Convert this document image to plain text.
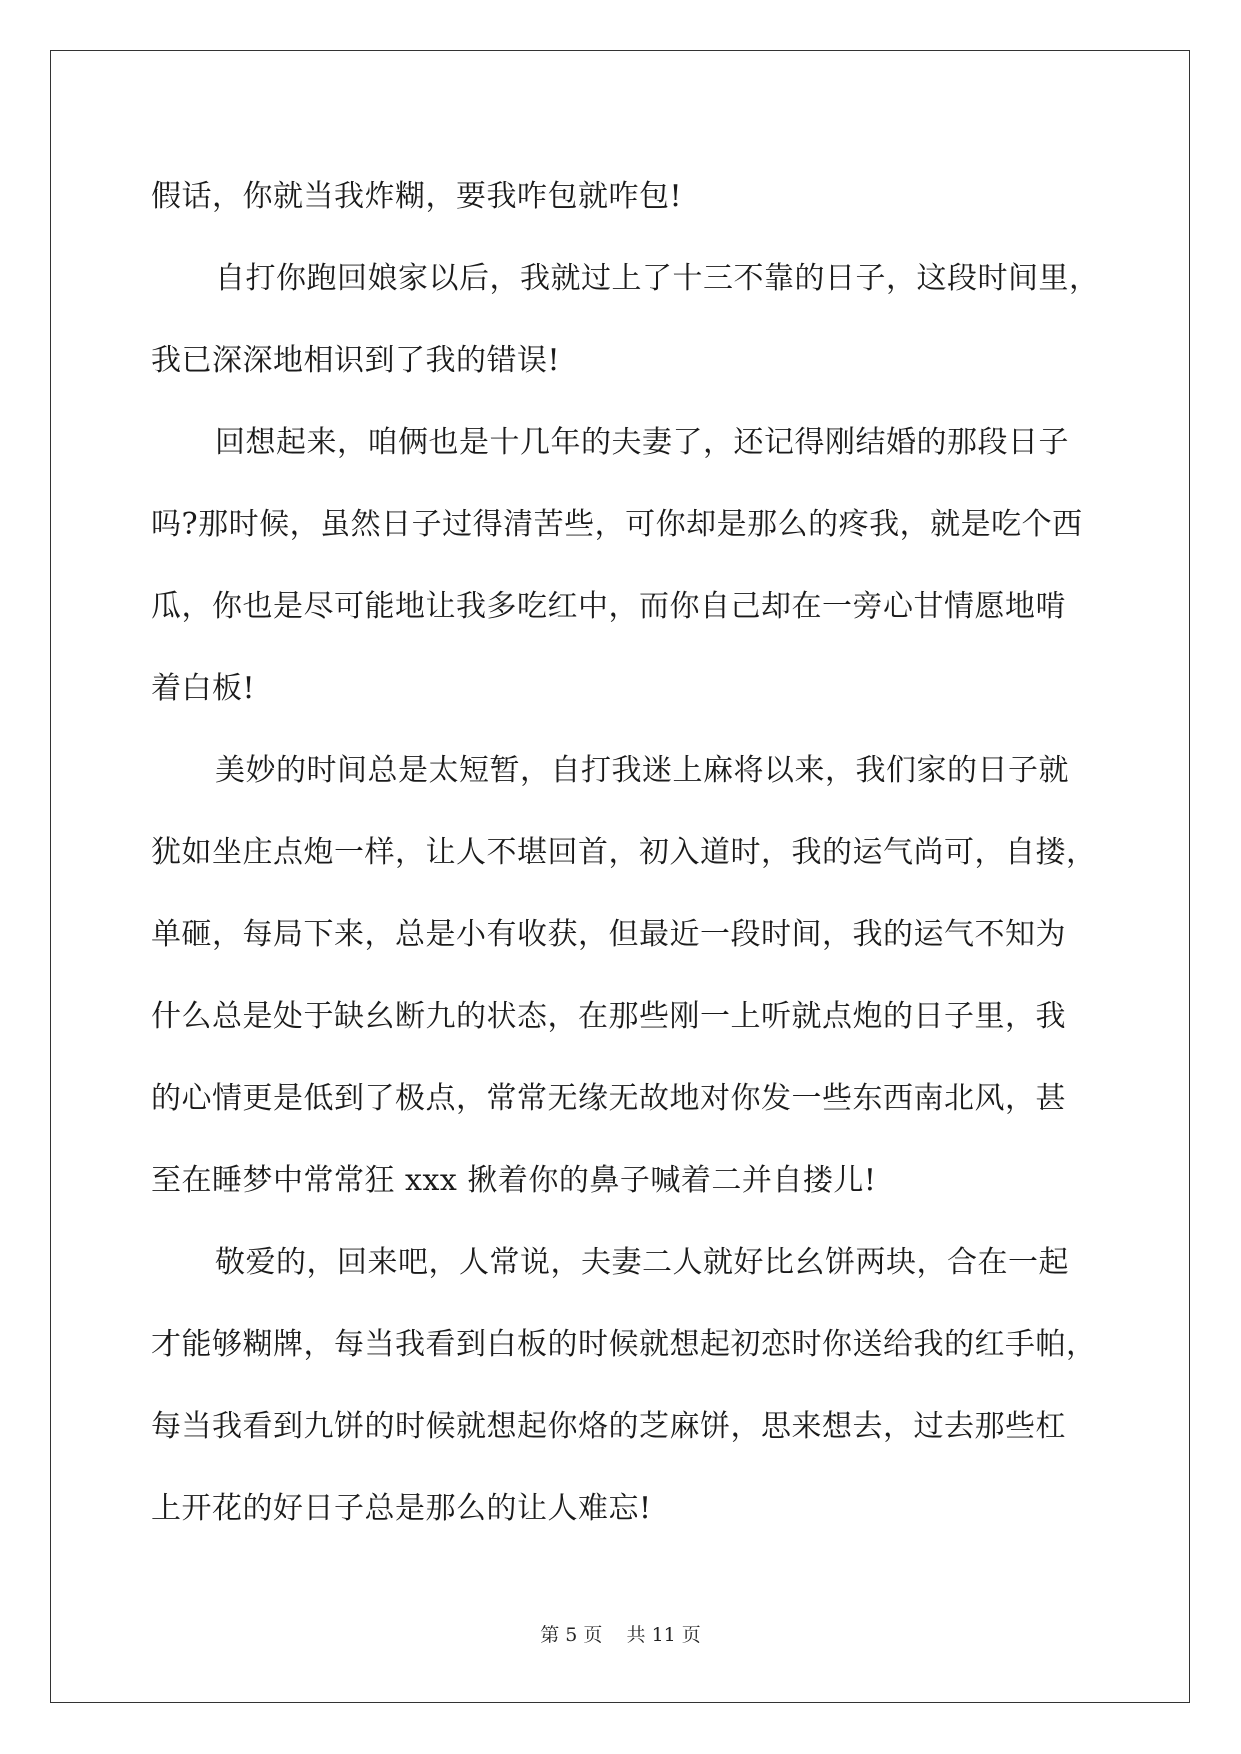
假话，你就当我炸糊，要我咋包就咋包!
自打你跑回娘家以后，我就过上了十三不靠的日子，这段时间里，
我已深深地相识到了我的错误!
回想起来，咱俩也是十几年的夫妻了，还记得刚结婚的那段日子
吗?那时候，虽然日子过得清苦些，可你却是那么的疼我，就是吃个西
瓜，你也是尽可能地让我多吃红中，而你自己却在一旁心甘情愿地啃
着白板!
美妙的时间总是太短暂，自打我迷上麻将以来，我们家的日子就
犹如坐庄点炮一样，让人不堪回首，初入道时，我的运气尚可，自搂，
单砸，每局下来，总是小有收获，但最近一段时间，我的运气不知为
什么总是处于缺幺断九的状态，在那些刚一上听就点炮的日子里，我
的心情更是低到了极点，常常无缘无故地对你发一些东西南北风，甚
至在睡梦中常常狂 xxx 揪着你的鼻子喊着二并自搂儿!
敬爱的，回来吧，人常说，夫妻二人就好比幺饼两块，合在一起
才能够糊牌，每当我看到白板的时候就想起初恋时你送给我的红手帕，
每当我看到九饼的时候就想起你烙的芝麻饼，思来想去，过去那些杠
上开花的好日子总是那么的让人难忘!
第 5 页 共 11 页
